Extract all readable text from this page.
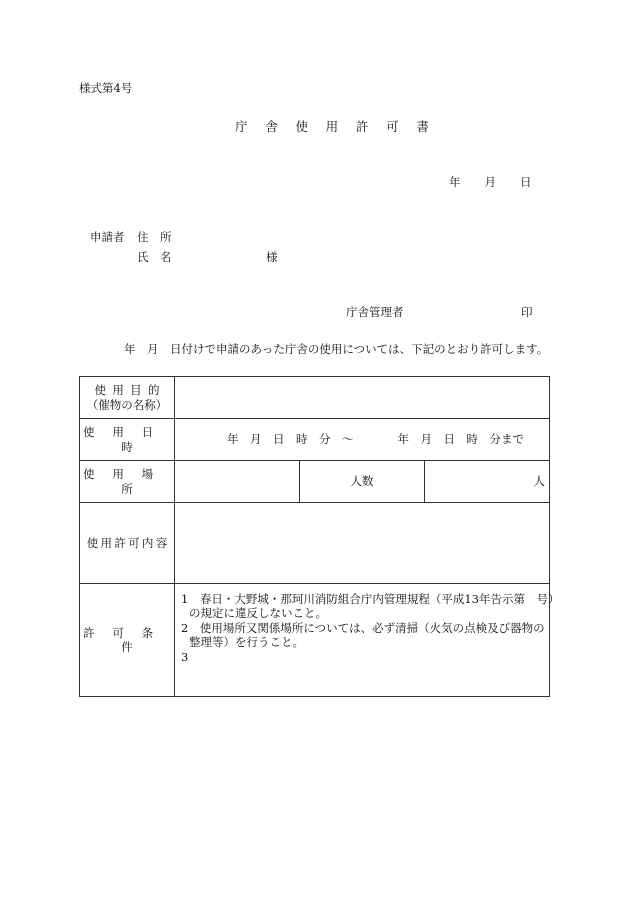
様式第4号
庁 舎 使 用 許 可 書
年 月 日
申請者 住　所
氏　名	様
庁舎管理者	印
年　月　日付けで申請のあった庁舎の使用については、下記のとおり許可します。
使用目的
（催物の名称）			

使用日時	年　月　日　時　分　～ 年　月　日　時　分まで		
使用場所		人数	人
使用許可内容			
許可条件	1　春日・大野城・那珂川消防組合庁内管理規程（平成13年告示第　号）
の規定に違反しないこと。
2　使用場所又関係場所については、必ず清掃（火気の点検及び器物の
整理等）を行うこと。
3		
